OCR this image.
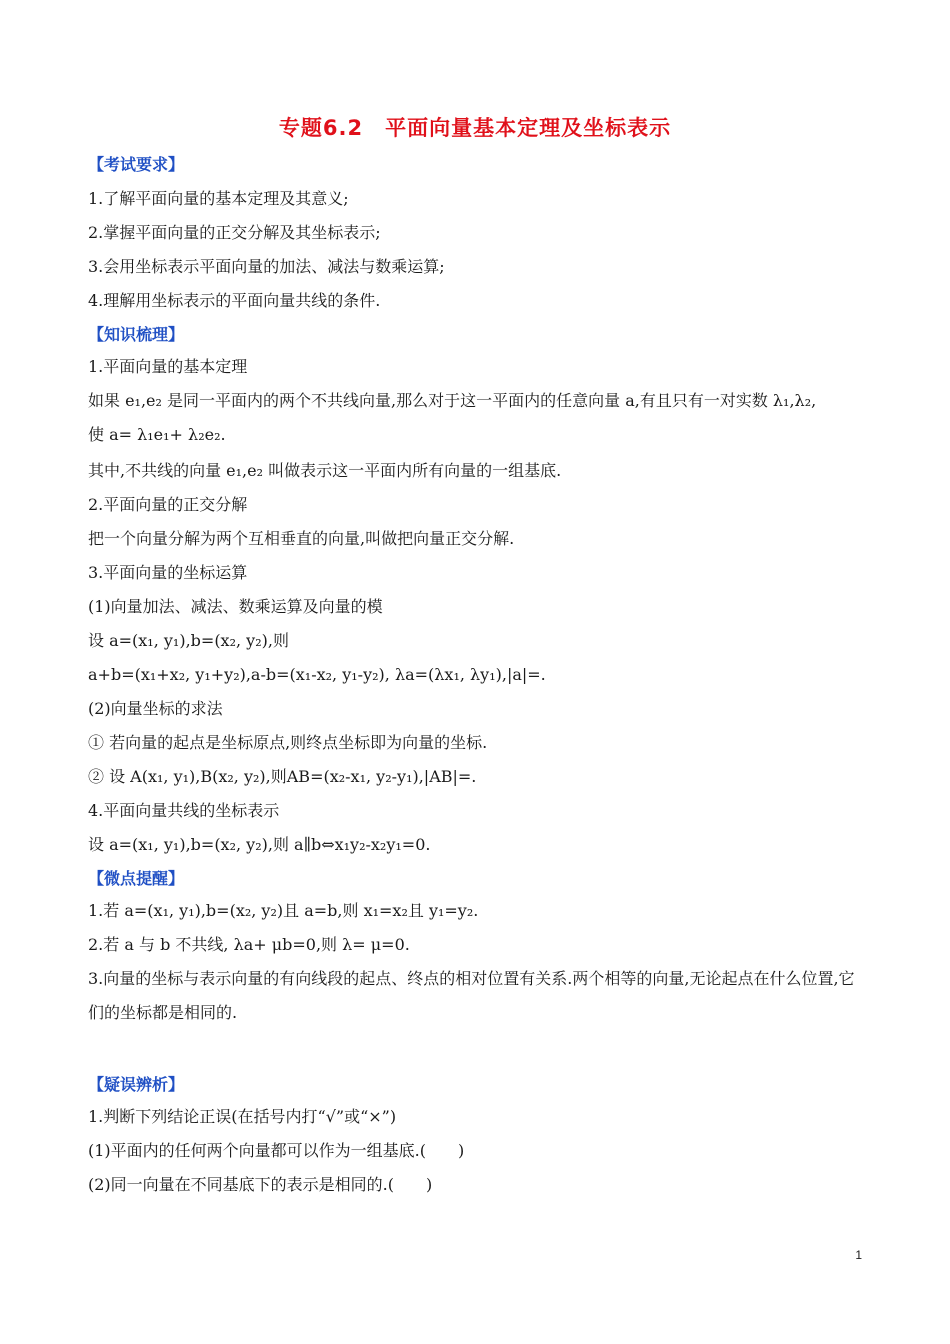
专题6.2　平面向量基本定理及坐标表示
【考试要求】
1.了解平面向量的基本定理及其意义;
2.掌握平面向量的正交分解及其坐标表示;
3.会用坐标表示平面向量的加法、减法与数乘运算;
4.理解用坐标表示的平面向量共线的条件.
【知识梳理】
1.平面向量的基本定理
如果 e₁,e₂ 是同一平面内的两个不共线向量,那么对于这一平面内的任意向量 a,有且只有一对实数 λ₁,λ₂,
使 a= λ₁e₁+ λ₂e₂.
其中,不共线的向量 e₁,e₂ 叫做表示这一平面内所有向量的一组基底.
2.平面向量的正交分解
把一个向量分解为两个互相垂直的向量,叫做把向量正交分解.
3.平面向量的坐标运算
(1)向量加法、减法、数乘运算及向量的模
设 a=(x₁, y₁),b=(x₂, y₂),则
a+b=(x₁+x₂, y₁+y₂),a-b=(x₁-x₂, y₁-y₂), λa=(λx₁, λy₁),|a|=.
(2)向量坐标的求法
① 若向量的起点是坐标原点,则终点坐标即为向量的坐标.
② 设 A(x₁, y₁),B(x₂, y₂),则AB=(x₂-x₁, y₂-y₁),|AB|=.
4.平面向量共线的坐标表示
设 a=(x₁, y₁),b=(x₂, y₂),则 a∥b⇔x₁y₂-x₂y₁=0.
【微点提醒】
1.若 a=(x₁, y₁),b=(x₂, y₂)且 a=b,则 x₁=x₂且 y₁=y₂.
2.若 a 与 b 不共线, λa+ μb=0,则 λ= μ=0.
3.向量的坐标与表示向量的有向线段的起点、终点的相对位置有关系.两个相等的向量,无论起点在什么位置,它们的坐标都是相同的.
【疑误辨析】
1.判断下列结论正误(在括号内打“√”或“×”)
(1)平面内的任何两个向量都可以作为一组基底.(　　)
(2)同一向量在不同基底下的表示是相同的.(　　)
1
